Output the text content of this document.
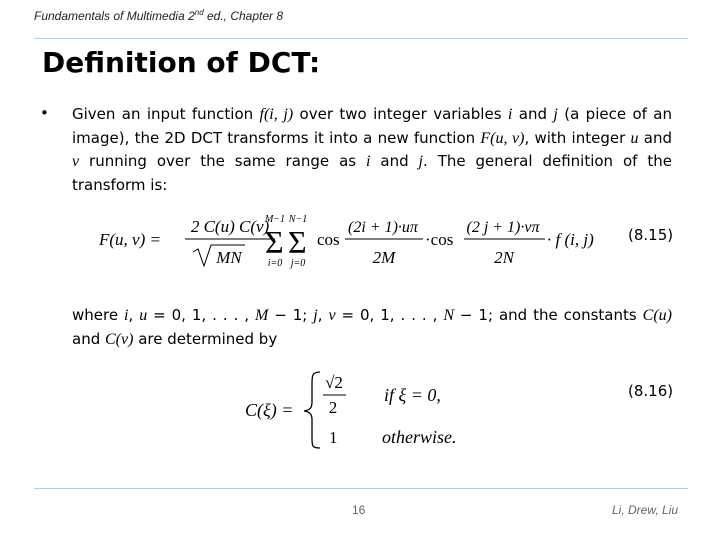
Fundamentals of Multimedia 2nd ed., Chapter 8
Definition of DCT:
• Given an input function f(i, j) over two integer variables i and j (a piece of an image), the 2D DCT transforms it into a new function F(u, v), with integer u and v running over the same range as i and j. The general definition of the transform is:
F(u, v) =
2 C(u) C(v)
MN Σ
M−1
i=0
Σ
N−1
j=0
cos
(2i + 1)·uπ
2M
·cos
(2 j + 1)·vπ
2N
· f (i, j) (8.15)
where i, u = 0, 1, . . . , M − 1; j, v = 0, 1, . . . , N − 1; and the constants C(u) and C(v) are determined by
C(ξ) =
√2
2
if ξ = 0,
1 otherwise.
(8.16)
16	Li, Drew, Liu
